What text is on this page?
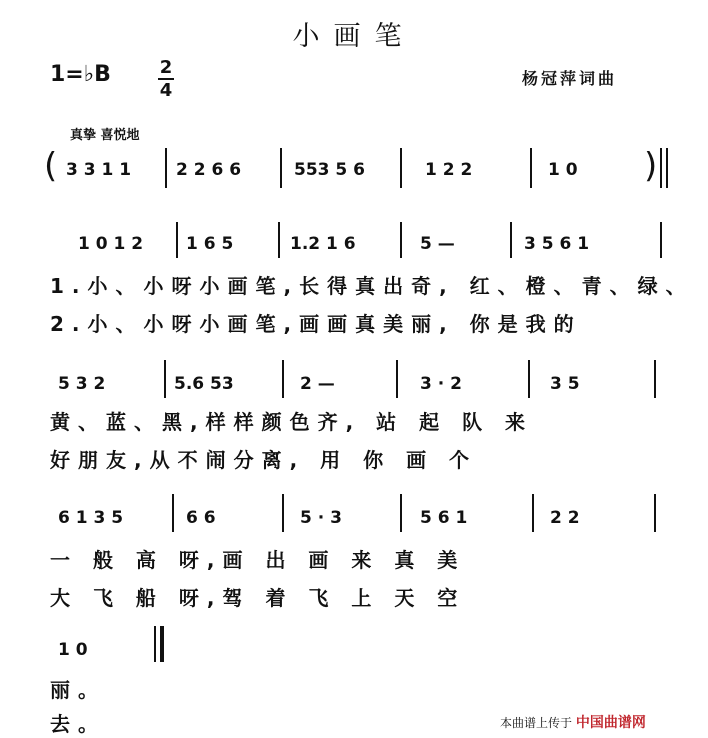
小画笔
1=♭B	2
4
杨冠萍词曲
真挚 喜悦地
( 3 3 1 1	2 2 6 6	553 5 6	1 2 2	1 0 )
1 0 1 2	1 6 5	1.2 1 6	5 —	3 5 6 1
1.小、小呀小画笔,长得真出奇, 红、橙、青、绿、
2.小、小呀小画笔,画画真美丽, 你是我的
5 3 2	5.6 53	2 —	3 · 2	3 5
黄、蓝、黑,样样颜色齐, 站 起 队 来
好朋友,从不闹分离, 用 你 画 个
6 1 3 5	6 6	5 · 3	5 6 1	2 2
一 般 高 呀,画 出 画 来 真 美
大 飞 船 呀,驾 着 飞 上 天 空
1 0
丽。
去。	本曲谱上传于 中国曲谱网
